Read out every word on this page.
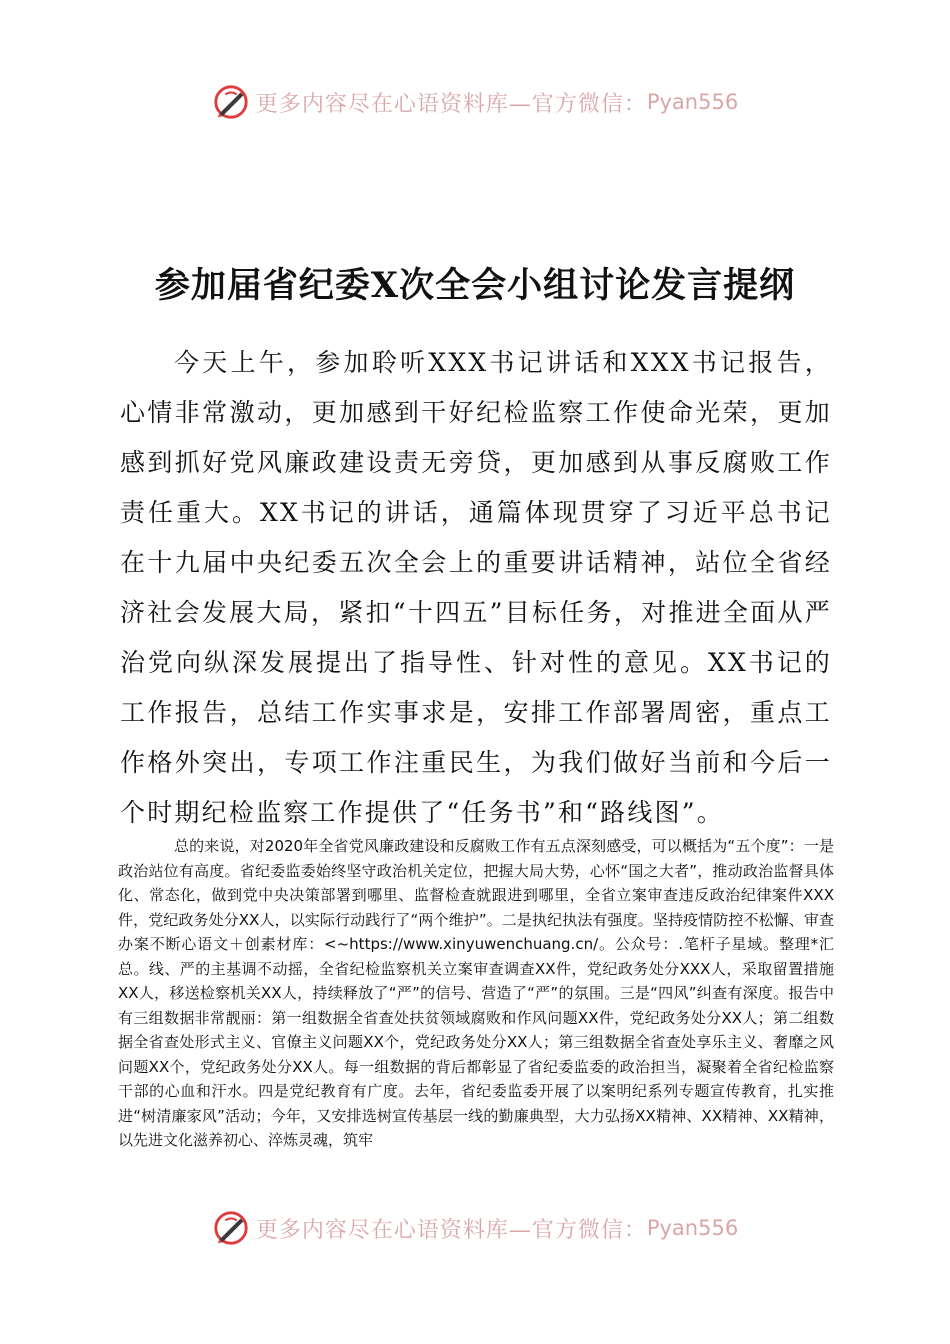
更多内容尽在心语资料库—官方微信： Pyan556
参加届省纪委X次全会小组讨论发言提纲

今天上午，参加聆听XXX书记讲话和XXX书记报告，心情非常激动，更加感到干好纪检监察工作使命光荣，更加感到抓好党风廉政建设责无旁贷，更加感到从事反腐败工作责任重大。XX书记的讲话，通篇体现贯穿了习近平总书记在十九届中央纪委五次全会上的重要讲话精神，站位全省经济社会发展大局，紧扣“十四五”目标任务，对推进全面从严治党向纵深发展提出了指导性、针对性的意见。XX书记的工作报告，总结工作实事求是，安排工作部署周密，重点工作格外突出，专项工作注重民生，为我们做好当前和今后一个时期纪检监察工作提供了“任务书”和“路线图”。

总的来说，对2020年全省党风廉政建设和反腐败工作有五点深刻感受，可以概括为“五个度”：一是政治站位有高度。省纪委监委始终坚守政治机关定位，把握大局大势，心怀“国之大者”，推动政治监督具体化、常态化，做到党中央决策部署到哪里、监督检查就跟进到哪里，全省立案审查违反政治纪律案件XXX件，党纪政务处分XX人，以实际行动践行了“两个维护”。二是执纪执法有强度。坚持疫情防控不松懈、审查办案不断心语文＋创素材库：<~https://www.xinyuwenchuang.cn/。公众号：.笔杆子星域。整理*汇总。线、严的主基调不动摇，全省纪检监察机关立案审查调查XX件，党纪政务处分XXX人，采取留置措施XX人，移送检察机关XX人，持续释放了“严”的信号、营造了“严”的氛围。三是“四风”纠查有深度。报告中有三组数据非常靓丽：第一组数据全省查处扶贫领域腐败和作风问题XX件，党纪政务处分XX人；第二组数据全省查处形式主义、官僚主义问题XX个，党纪政务处分XX人；第三组数据全省查处享乐主义、奢靡之风问题XX个，党纪政务处分XX人。每一组数据的背后都彰显了省纪委监委的政治担当，凝聚着全省纪检监察干部的心血和汗水。四是党纪教育有广度。去年，省纪委监委开展了以案明纪系列专题宣传教育，扎实推进“树清廉家风”活动；今年，又安排选树宣传基层一线的勤廉典型，大力弘扬XX精神、XX精神、XX精神，以先进文化滋养初心、淬炼灵魂，筑牢

更多内容尽在心语资料库—官方微信： Pyan556
